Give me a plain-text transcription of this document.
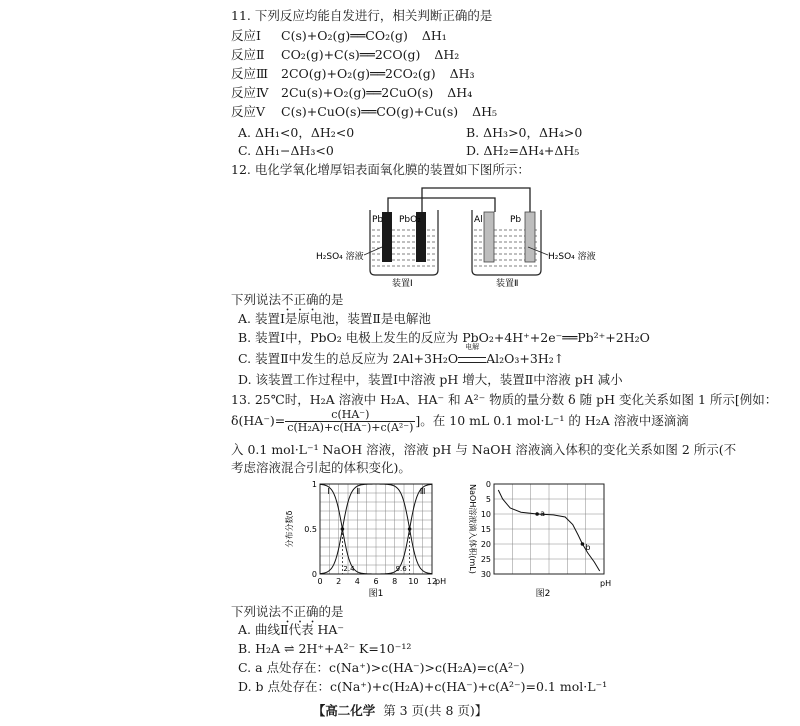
11. 下列反应均能自发进行，相关判断正确的是
反应Ⅰ C(s)+O₂(g)══CO₂(g) ΔH₁
反应Ⅱ CO₂(g)+C(s)══2CO(g) ΔH₂
反应Ⅲ 2CO(g)+O₂(g)══2CO₂(g) ΔH₃
反应Ⅳ 2Cu(s)+O₂(g)══2CuO(s) ΔH₄
反应Ⅴ C(s)+CuO(s)══CO(g)+Cu(s) ΔH₅
A. ΔH₁<0，ΔH₂<0	B. ΔH₃>0，ΔH₄>0
C. ΔH₁−ΔH₃<0	D. ΔH₂=ΔH₄+ΔH₅
12. 电化学氧化增厚铝表面氧化膜的装置如下图所示：
Pb PbO₂	Al	Pb
H₂SO₄ 溶液	H₂SO₄ 溶液
装置Ⅰ	装置Ⅱ
下列说法不正确的是
A. 装置Ⅰ是原电池，装置Ⅱ是电解池
B. 装置Ⅰ中，PbO₂ 电极上发生的反应为 PbO₂+4H⁺+2e⁻══Pb²⁺+2H₂O
C. 装置Ⅱ中发生的总反应为 2Al+3H₂O
电解
Al₂O₃+3H₂↑
D. 该装置工作过程中，装置Ⅰ中溶液 pH 增大，装置Ⅱ中溶液 pH 减小
13. 25℃时，H₂A 溶液中 H₂A、HA⁻ 和 A²⁻ 物质的量分数 δ 随 pH 变化关系如图 1 所示[例如：
$\delta(HA^-)= \frac{c(HA^-)}{\text{c(H₂A)+c(HA⁻)+c(A²⁻)}}$ ]。在 10 mL 0.1 mol·L⁻¹ 的 H₂A 溶液中逐滴滴
入 0.1 mol·L⁻¹ NaOH 溶液，溶液 pH 与 NaOH 溶液滴入体积的变化关系如图 2 所示(不
考虑溶液混合引起的体积变化)。
2.4	9.6
Ⅰ	Ⅱ	Ⅲ
0 2 4 6 8 10 12
0
0.5
1
pH
分布分数δ
图1
a
b
0
5
10
15
20
25
30
pH
NaOH溶液滴入体积(mL)
图2
下列说法不正确的是
A. 曲线Ⅱ代表 HA⁻
B. H₂A ⇌ 2H⁺+A²⁻ K=10⁻¹²
C. a 点处存在：c(Na⁺)>c(HA⁻)>c(H₂A)=c(A²⁻)
D. b 点处存在：c(Na⁺)+c(H₂A)+c(HA⁻)+c(A²⁻)=0.1 mol·L⁻¹
【高二化学 第 3 页(共 8 页)】
